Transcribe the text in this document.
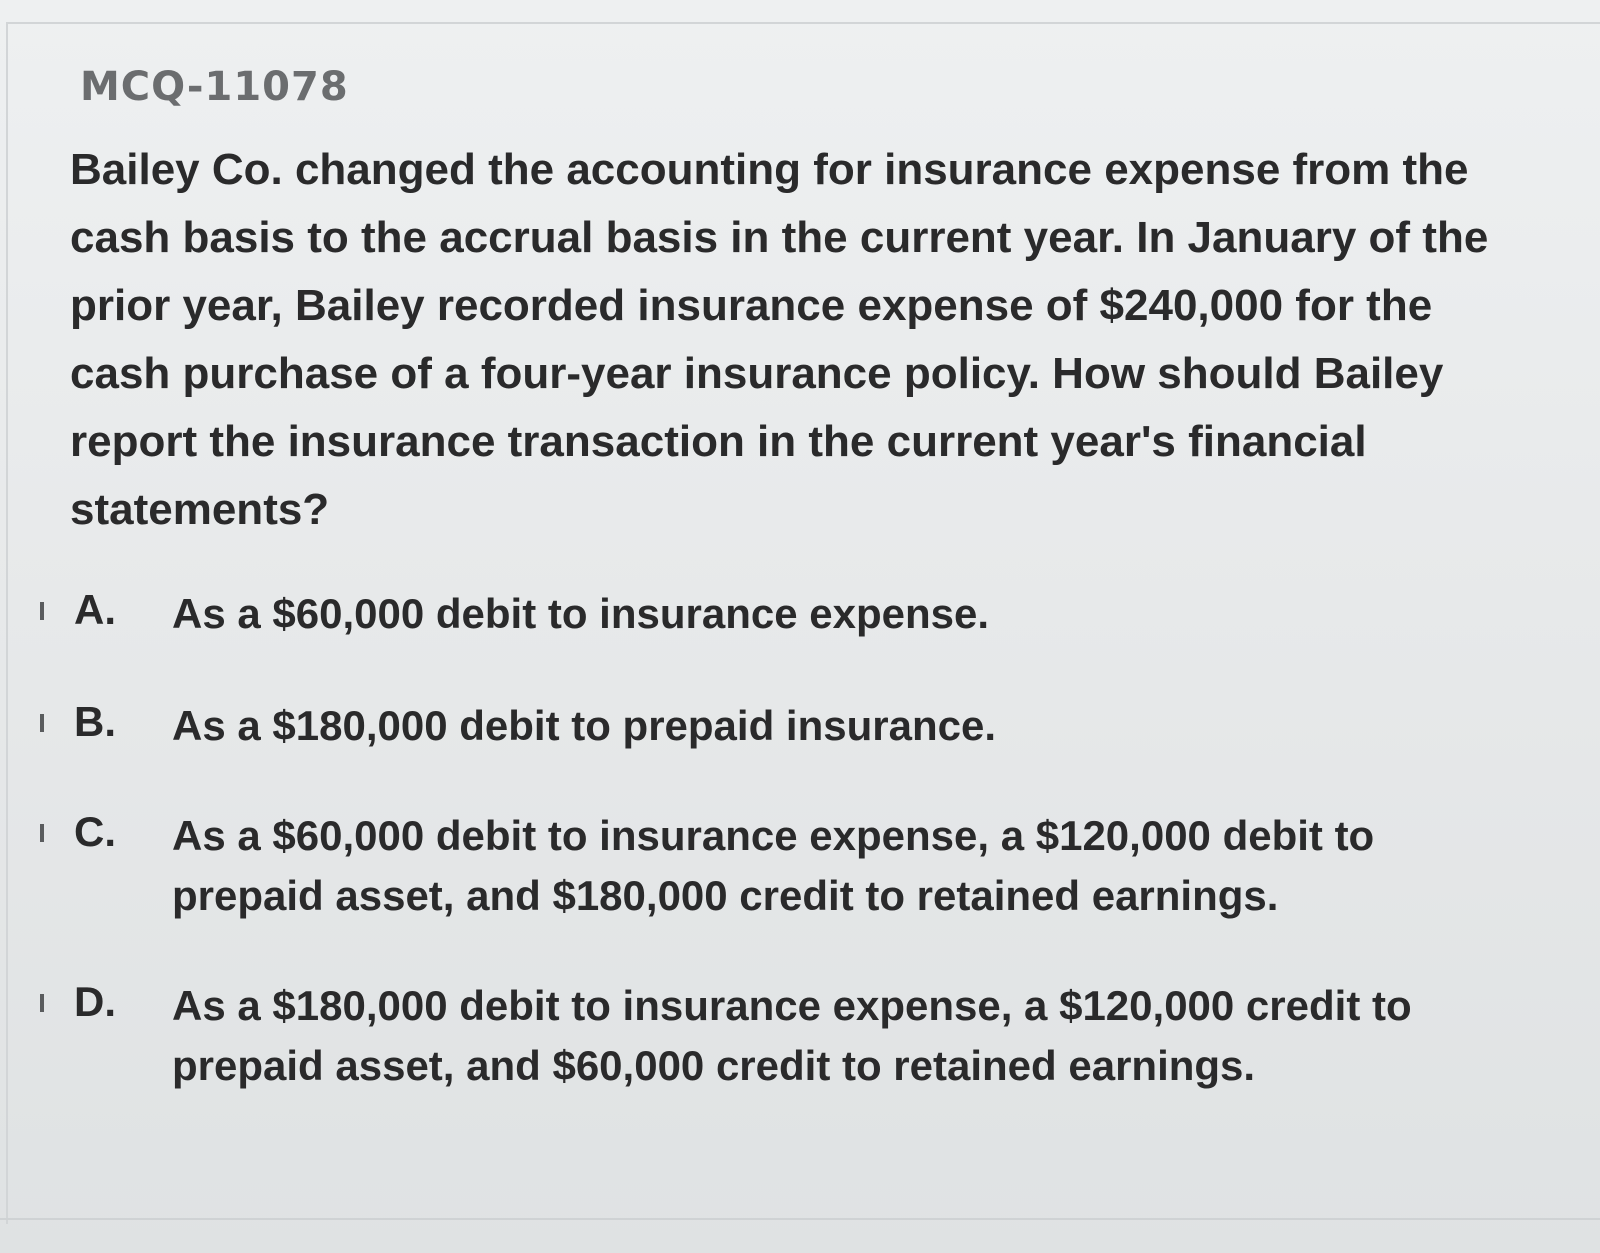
MCQ-11078
Bailey Co. changed the accounting for insurance expense from the cash basis to the accrual basis in the current year. In January of the prior year, Bailey recorded insurance expense of $240,000 for the cash purchase of a four-year insurance policy. How should Bailey report the insurance transaction in the current year's financial statements?
A. As a $60,000 debit to insurance expense.
B. As a $180,000 debit to prepaid insurance.
C. As a $60,000 debit to insurance expense, a $120,000 debit to prepaid asset, and $180,000 credit to retained earnings.
D. As a $180,000 debit to insurance expense, a $120,000 credit to prepaid asset, and $60,000 credit to retained earnings.
